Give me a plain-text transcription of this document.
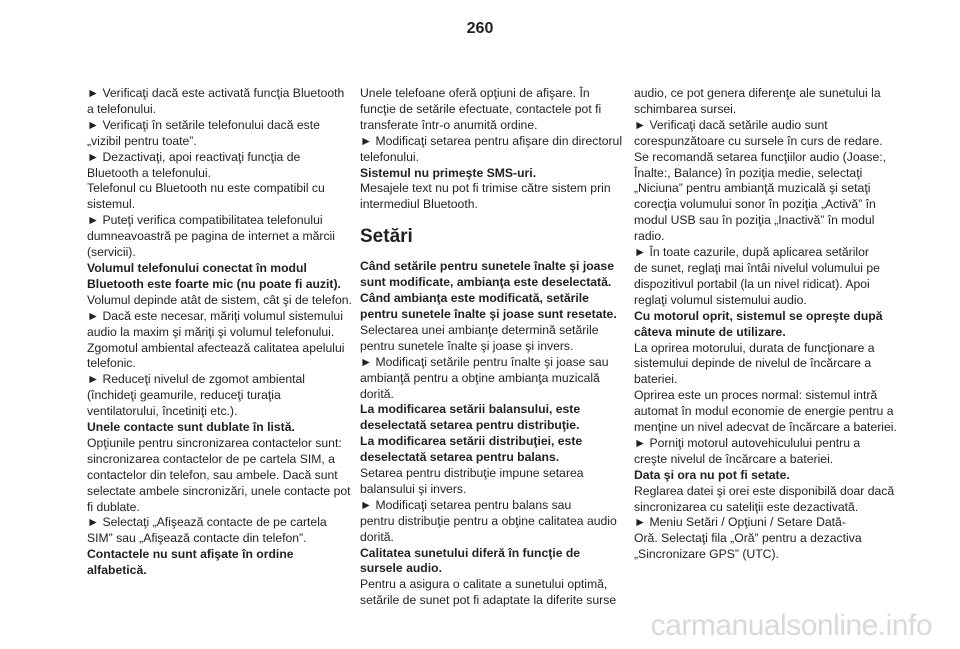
260
► Verificaţi dacă este activată funcţia Bluetooth
a telefonului.
► Verificaţi în setările telefonului dacă este
„vizibil pentru toate”.
► Dezactivaţi, apoi reactivaţi funcţia de
Bluetooth a telefonului.
Telefonul cu Bluetooth nu este compatibil cu
sistemul.
► Puteţi verifica compatibilitatea telefonului
dumneavoastră pe pagina de internet a mărcii
(servicii).
Volumul telefonului conectat în modul
Bluetooth este foarte mic (nu poate fi auzit).
Volumul depinde atât de sistem, cât şi de telefon.
► Dacă este necesar, măriţi volumul sistemului
audio la maxim şi măriţi şi volumul telefonului.
Zgomotul ambiental afectează calitatea apelului
telefonic.
► Reduceţi nivelul de zgomot ambiental
(închideţi geamurile, reduceţi turaţia
ventilatorului, încetiniţi etc.).
Unele contacte sunt dublate în listă.
Opţiunile pentru sincronizarea contactelor sunt:
sincronizarea contactelor de pe cartela SIM, a
contactelor din telefon, sau ambele. Dacă sunt
selectate ambele sincronizări, unele contacte pot
fi dublate.
► Selectaţi „Afişează contacte de pe cartela
SIM” sau „Afişează contacte din telefon”.
Contactele nu sunt afişate în ordine
alfabetică.
Unele telefoane oferă opţiuni de afişare. În
funcţie de setările efectuate, contactele pot fi
transferate într-o anumită ordine.
► Modificaţi setarea pentru afişare din directorul
telefonului.
Sistemul nu primeşte SMS-uri.
Mesajele text nu pot fi trimise către sistem prin
intermediul Bluetooth.
Setări
Când setările pentru sunetele înalte şi joase
sunt modificate, ambianţa este deselectată.
Când ambianţa este modificată, setările
pentru sunetele înalte şi joase sunt resetate.
Selectarea unei ambianţe determină setările
pentru sunetele înalte şi joase şi invers.
► Modificaţi setările pentru înalte şi joase sau
ambianţă pentru a obţine ambianţa muzicală
dorită.
La modificarea setării balansului, este
deselectată setarea pentru distribuţie.
La modificarea setării distribuţiei, este
deselectată setarea pentru balans.
Setarea pentru distribuţie impune setarea
balansului şi invers.
► Modificaţi setarea pentru balans sau
pentru distribuţie pentru a obţine calitatea audio
dorită.
Calitatea sunetului diferă în funcţie de
sursele audio.
Pentru a asigura o calitate a sunetului optimă,
setările de sunet pot fi adaptate la diferite surse
audio, ce pot genera diferenţe ale sunetului la
schimbarea sursei.
► Verificaţi dacă setările audio sunt
corespunzătoare cu sursele în curs de redare.
Se recomandă setarea funcţiilor audio (Joase:,
Înalte:, Balance) în poziţia medie, selectaţi
„Niciuna” pentru ambianţă muzicală şi setaţi
corecţia volumului sonor în poziţia „Activă” în
modul USB sau în poziţia „Inactivă” în modul
radio.
► În toate cazurile, după aplicarea setărilor
de sunet, reglaţi mai întâi nivelul volumului pe
dispozitivul portabil (la un nivel ridicat). Apoi
reglaţi volumul sistemului audio.
Cu motorul oprit, sistemul se opreşte după
câteva minute de utilizare.
La oprirea motorului, durata de funcţionare a
sistemului depinde de nivelul de încărcare a
bateriei.
Oprirea este un proces normal: sistemul intră
automat în modul economie de energie pentru a
menţine un nivel adecvat de încărcare a bateriei.
► Porniţi motorul autovehiculului pentru a
creşte nivelul de încărcare a bateriei.
Data şi ora nu pot fi setate.
Reglarea datei şi orei este disponibilă doar dacă
sincronizarea cu sateliţii este dezactivată.
► Meniu Setări / Opţiuni / Setare Dată-
Oră. Selectaţi fila „Oră” pentru a dezactiva
„Sincronizare GPS” (UTC).
carmanualsonline.info
